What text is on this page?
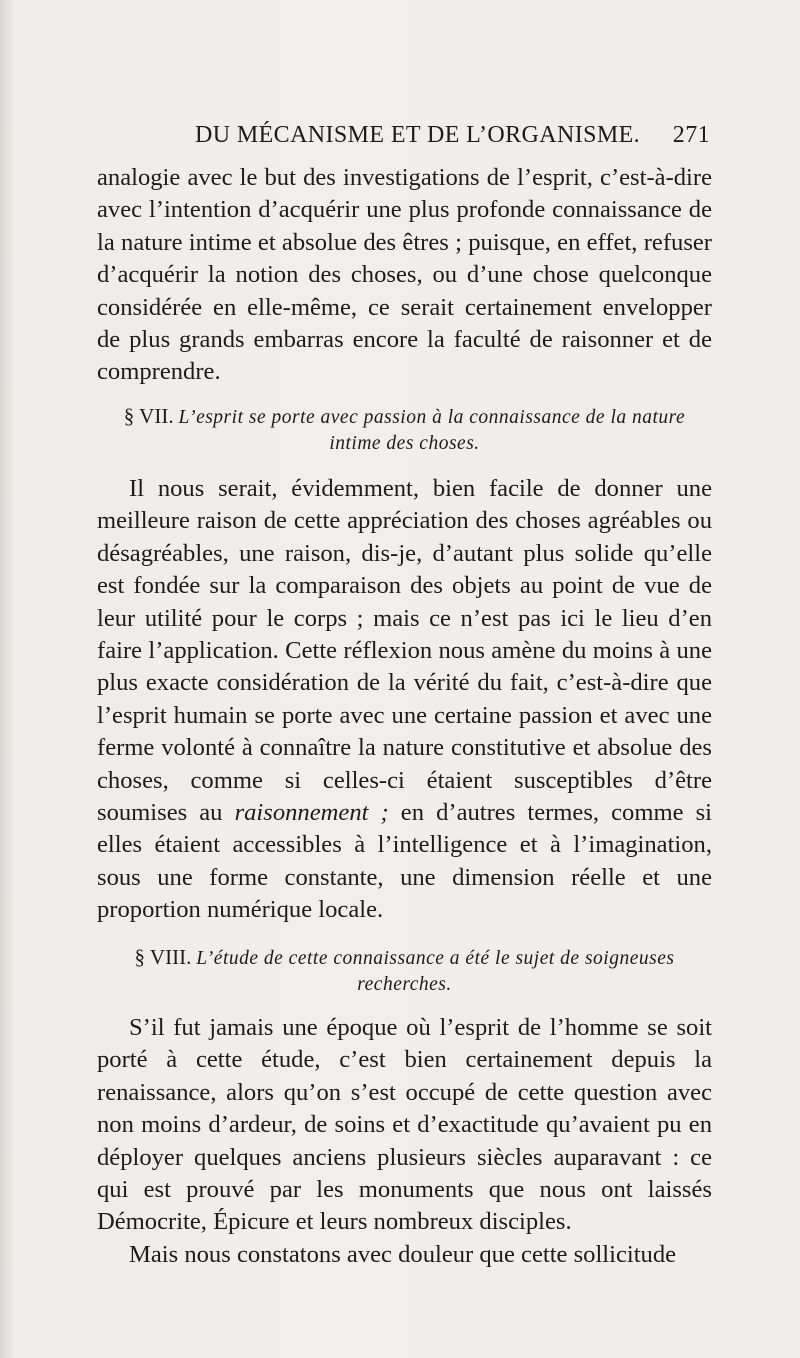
DU MÉCANISME ET DE L’ORGANISME. 271

analogie avec le but des investigations de l’esprit, c’est-à-dire avec l’intention d’acquérir une plus profonde connaissance de la nature intime et absolue des êtres ; puisque, en effet, refuser d’acquérir la notion des choses, ou d’une chose quelconque considérée en elle-même, ce serait certainement envelopper de plus grands embarras encore la faculté de raisonner et de comprendre.

§ VII. L’esprit se porte avec passion à la connaissance de la nature intime des choses.

Il nous serait, évidemment, bien facile de donner une meilleure raison de cette appréciation des choses agréables ou désagréables, une raison, dis-je, d’autant plus solide qu’elle est fondée sur la comparaison des objets au point de vue de leur utilité pour le corps ; mais ce n’est pas ici le lieu d’en faire l’application. Cette réflexion nous amène du moins à une plus exacte considération de la vérité du fait, c’est-à-dire que l’esprit humain se porte avec une certaine passion et avec une ferme volonté à connaître la nature constitutive et absolue des choses, comme si celles-ci étaient susceptibles d’être soumises au raisonnement ; en d’autres termes, comme si elles étaient accessibles à l’intelligence et à l’imagination, sous une forme constante, une dimension réelle et une proportion numérique locale.

§ VIII. L’étude de cette connaissance a été le sujet de soigneuses recherches.

S’il fut jamais une époque où l’esprit de l’homme se soit porté à cette étude, c’est bien certainement depuis la renaissance, alors qu’on s’est occupé de cette question avec non moins d’ardeur, de soins et d’exactitude qu’avaient pu en déployer quelques anciens plusieurs siècles auparavant : ce qui est prouvé par les monuments que nous ont laissés Démocrite, Épicure et leurs nombreux disciples.

Mais nous constatons avec douleur que cette sollicitude
